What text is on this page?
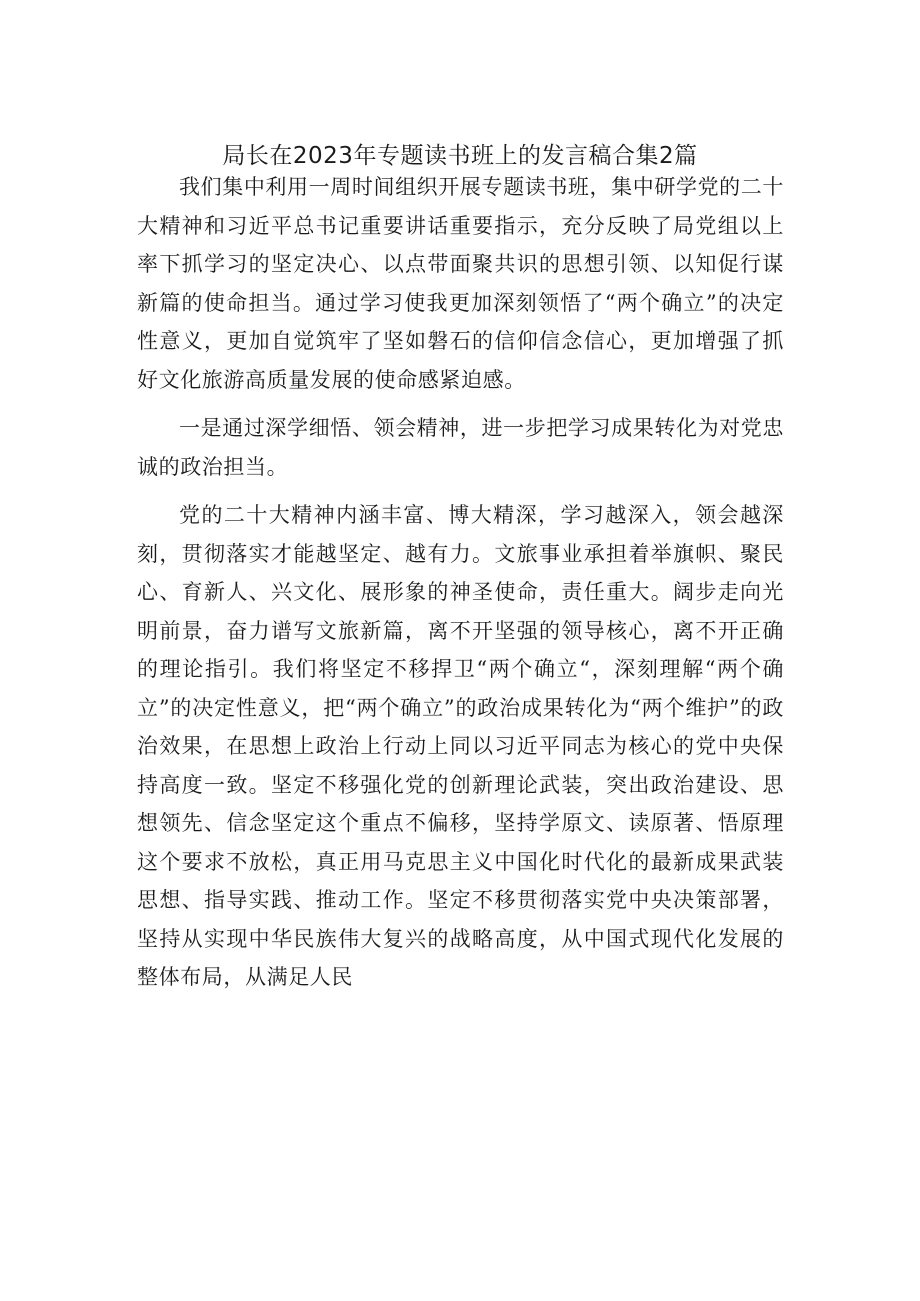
局长在2023年专题读书班上的发言稿合集2篇

我们集中利用一周时间组织开展专题读书班，集中研学党的二十大精神和习近平总书记重要讲话重要指示，充分反映了局党组以上率下抓学习的坚定决心、以点带面聚共识的思想引领、以知促行谋新篇的使命担当。通过学习使我更加深刻领悟了“两个确立”的决定性意义，更加自觉筑牢了坚如磐石的信仰信念信心，更加增强了抓好文化旅游高质量发展的使命感紧迫感。

一是通过深学细悟、领会精神，进一步把学习成果转化为对党忠诚的政治担当。

党的二十大精神内涵丰富、博大精深，学习越深入，领会越深刻，贯彻落实才能越坚定、越有力。文旅事业承担着举旗帜、聚民心、育新人、兴文化、展形象的神圣使命，责任重大。阔步走向光明前景，奋力谱写文旅新篇，离不开坚强的领导核心，离不开正确的理论指引。我们将坚定不移捍卫“两个确立“，深刻理解“两个确立”的决定性意义，把“两个确立”的政治成果转化为“两个维护”的政治效果，在思想上政治上行动上同以习近平同志为核心的党中央保持高度一致。坚定不移强化党的创新理论武装，突出政治建设、思想领先、信念坚定这个重点不偏移，坚持学原文、读原著、悟原理这个要求不放松，真正用马克思主义中国化时代化的最新成果武装思想、指导实践、推动工作。坚定不移贯彻落实党中央决策部署，坚持从实现中华民族伟大复兴的战略高度，从中国式现代化发展的整体布局，从满足人民
